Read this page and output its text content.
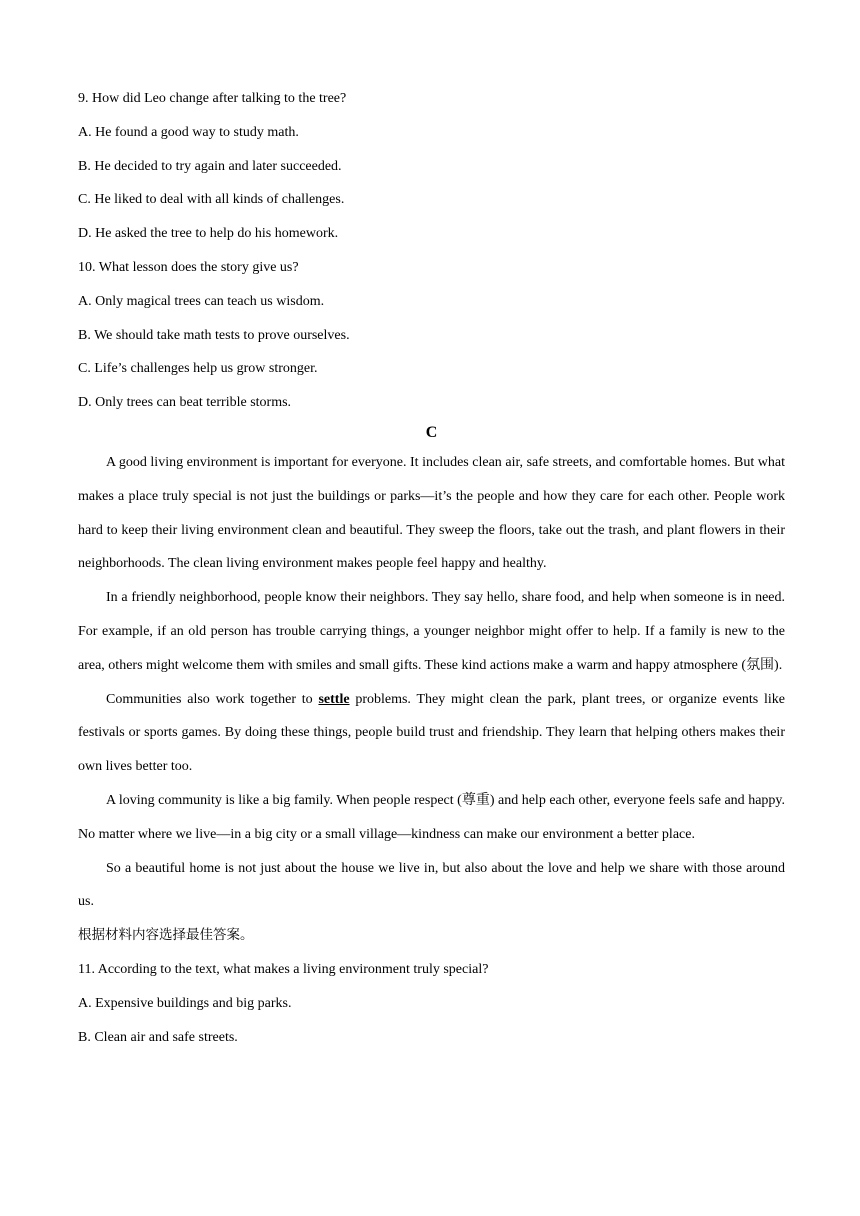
9. How did Leo change after talking to the tree?

A. He found a good way to study math.

B. He decided to try again and later succeeded.

C. He liked to deal with all kinds of challenges.

D. He asked the tree to help do his homework.

10. What lesson does the story give us?

A. Only magical trees can teach us wisdom.

B. We should take math tests to prove ourselves.

C. Life’s challenges help us grow stronger.

D. Only trees can beat terrible storms.

C

A good living environment is important for everyone. It includes clean air, safe streets, and comfortable homes. But what makes a place truly special is not just the buildings or parks—it’s the people and how they care for each other. People work hard to keep their living environment clean and beautiful. They sweep the floors, take out the trash, and plant flowers in their neighborhoods. The clean living environment makes people feel happy and healthy.

In a friendly neighborhood, people know their neighbors. They say hello, share food, and help when someone is in need. For example, if an old person has trouble carrying things, a younger neighbor might offer to help. If a family is new to the area, others might welcome them with smiles and small gifts. These kind actions make a warm and happy atmosphere (氛围).

Communities also work together to settle problems. They might clean the park, plant trees, or organize events like festivals or sports games. By doing these things, people build trust and friendship. They learn that helping others makes their own lives better too.

A loving community is like a big family. When people respect (尊重) and help each other, everyone feels safe and happy. No matter where we live—in a big city or a small village—kindness can make our environment a better place.

So a beautiful home is not just about the house we live in, but also about the love and help we share with those around us.

根据材料内容选择最佳答案。

11. According to the text, what makes a living environment truly special?

A. Expensive buildings and big parks.

B. Clean air and safe streets.
